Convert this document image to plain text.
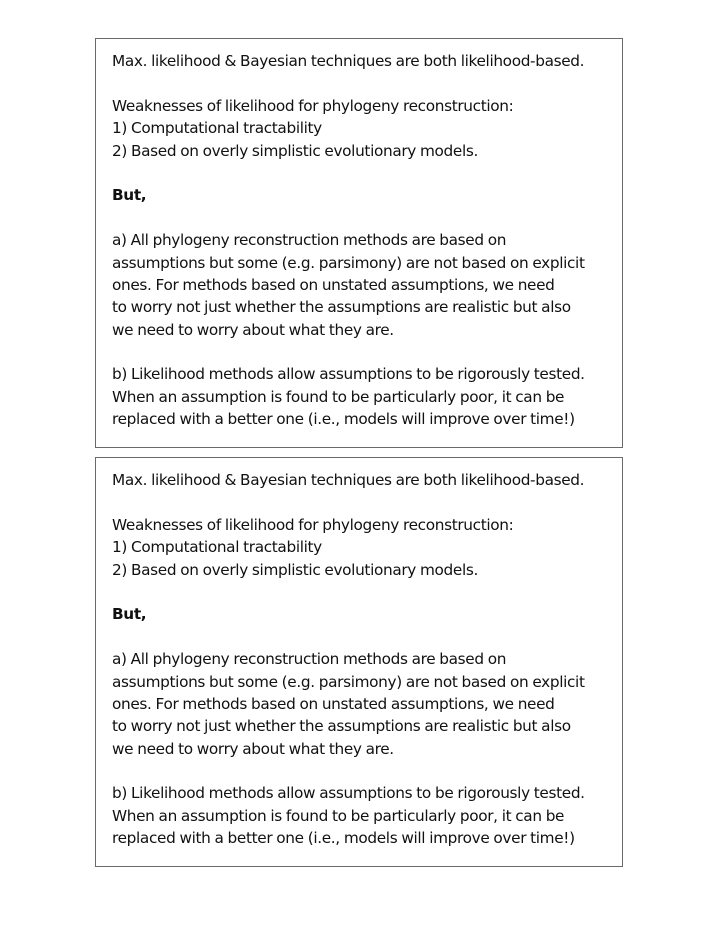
Max. likelihood & Bayesian techniques are both likelihood-based.
Weaknesses of likelihood for phylogeny reconstruction:
1) Computational tractability
2) Based on overly simplistic evolutionary models.
But,
a) All phylogeny reconstruction methods are based on
assumptions but some (e.g. parsimony) are not based on explicit
ones. For methods based on unstated assumptions, we need
to worry not just whether the assumptions are realistic but also
we need to worry about what they are.
b) Likelihood methods allow assumptions to be rigorously tested.
When an assumption is found to be particularly poor, it can be
replaced with a better one (i.e., models will improve over time!)
Max. likelihood & Bayesian techniques are both likelihood-based.
Weaknesses of likelihood for phylogeny reconstruction:
1) Computational tractability
2) Based on overly simplistic evolutionary models.
But,
a) All phylogeny reconstruction methods are based on
assumptions but some (e.g. parsimony) are not based on explicit
ones. For methods based on unstated assumptions, we need
to worry not just whether the assumptions are realistic but also
we need to worry about what they are.
b) Likelihood methods allow assumptions to be rigorously tested.
When an assumption is found to be particularly poor, it can be
replaced with a better one (i.e., models will improve over time!)
